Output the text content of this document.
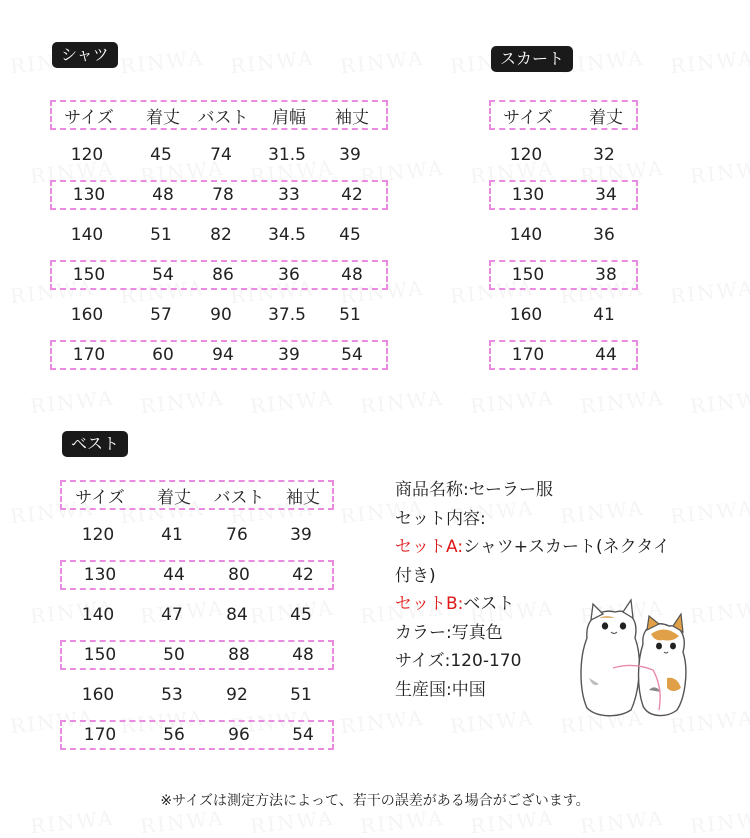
シャツ
サイズ	着丈	バスト	肩幅	袖丈
120	45	74	31.5	39
130	48	78	33	42
140	51	82	34.5	45
150	54	86	36	48
160	57	90	37.5	51
170	60	94	39	54
スカート
サイズ	着丈
120	32
130	34
140	36
150	38
160	41
170	44
ベスト
サイズ	着丈	バスト	袖丈
120	41	76	39
130	44	80	42
140	47	84	45
150	50	88	48
160	53	92	51
170	56	96	54
商品名称:セーラー服
セット内容:
セットA:シャツ+スカート(ネクタイ
付き)
セットB:ベスト
カラー:写真色
サイズ:120-170
生産国:中国
※サイズは測定方法によって、若干の誤差がある場合がございます。
